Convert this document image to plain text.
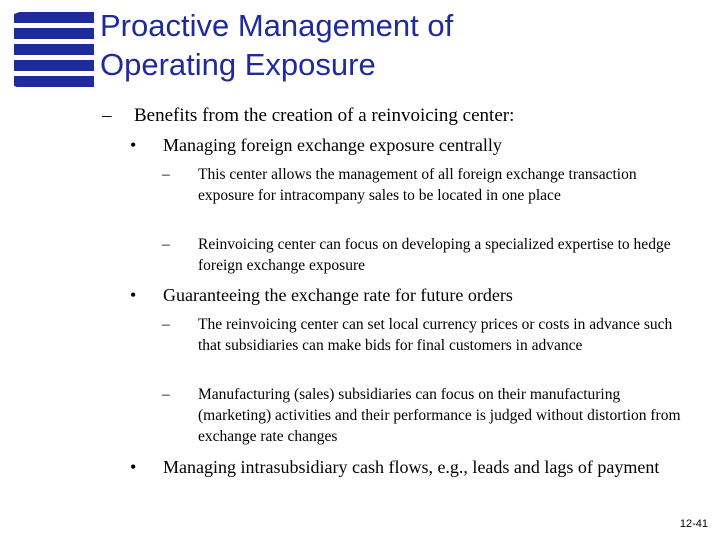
Proactive Management of
Operating Exposure

–	Benefits from the creation of a reinvoicing center:

•	Managing foreign exchange exposure centrally

–	This center allows the management of all foreign exchange transaction exposure for intracompany sales to be located in one place

–	Reinvoicing center can focus on developing a specialized expertise to hedge foreign exchange exposure

•	Guaranteeing the exchange rate for future orders

–	The reinvoicing center can set local currency prices or costs in advance such that subsidiaries can make bids for final customers in advance

–	Manufacturing (sales) subsidiaries can focus on their manufacturing (marketing) activities and their performance is judged without distortion from exchange rate changes

•	Managing intrasubsidiary cash flows, e.g., leads and lags of payment

12-41
